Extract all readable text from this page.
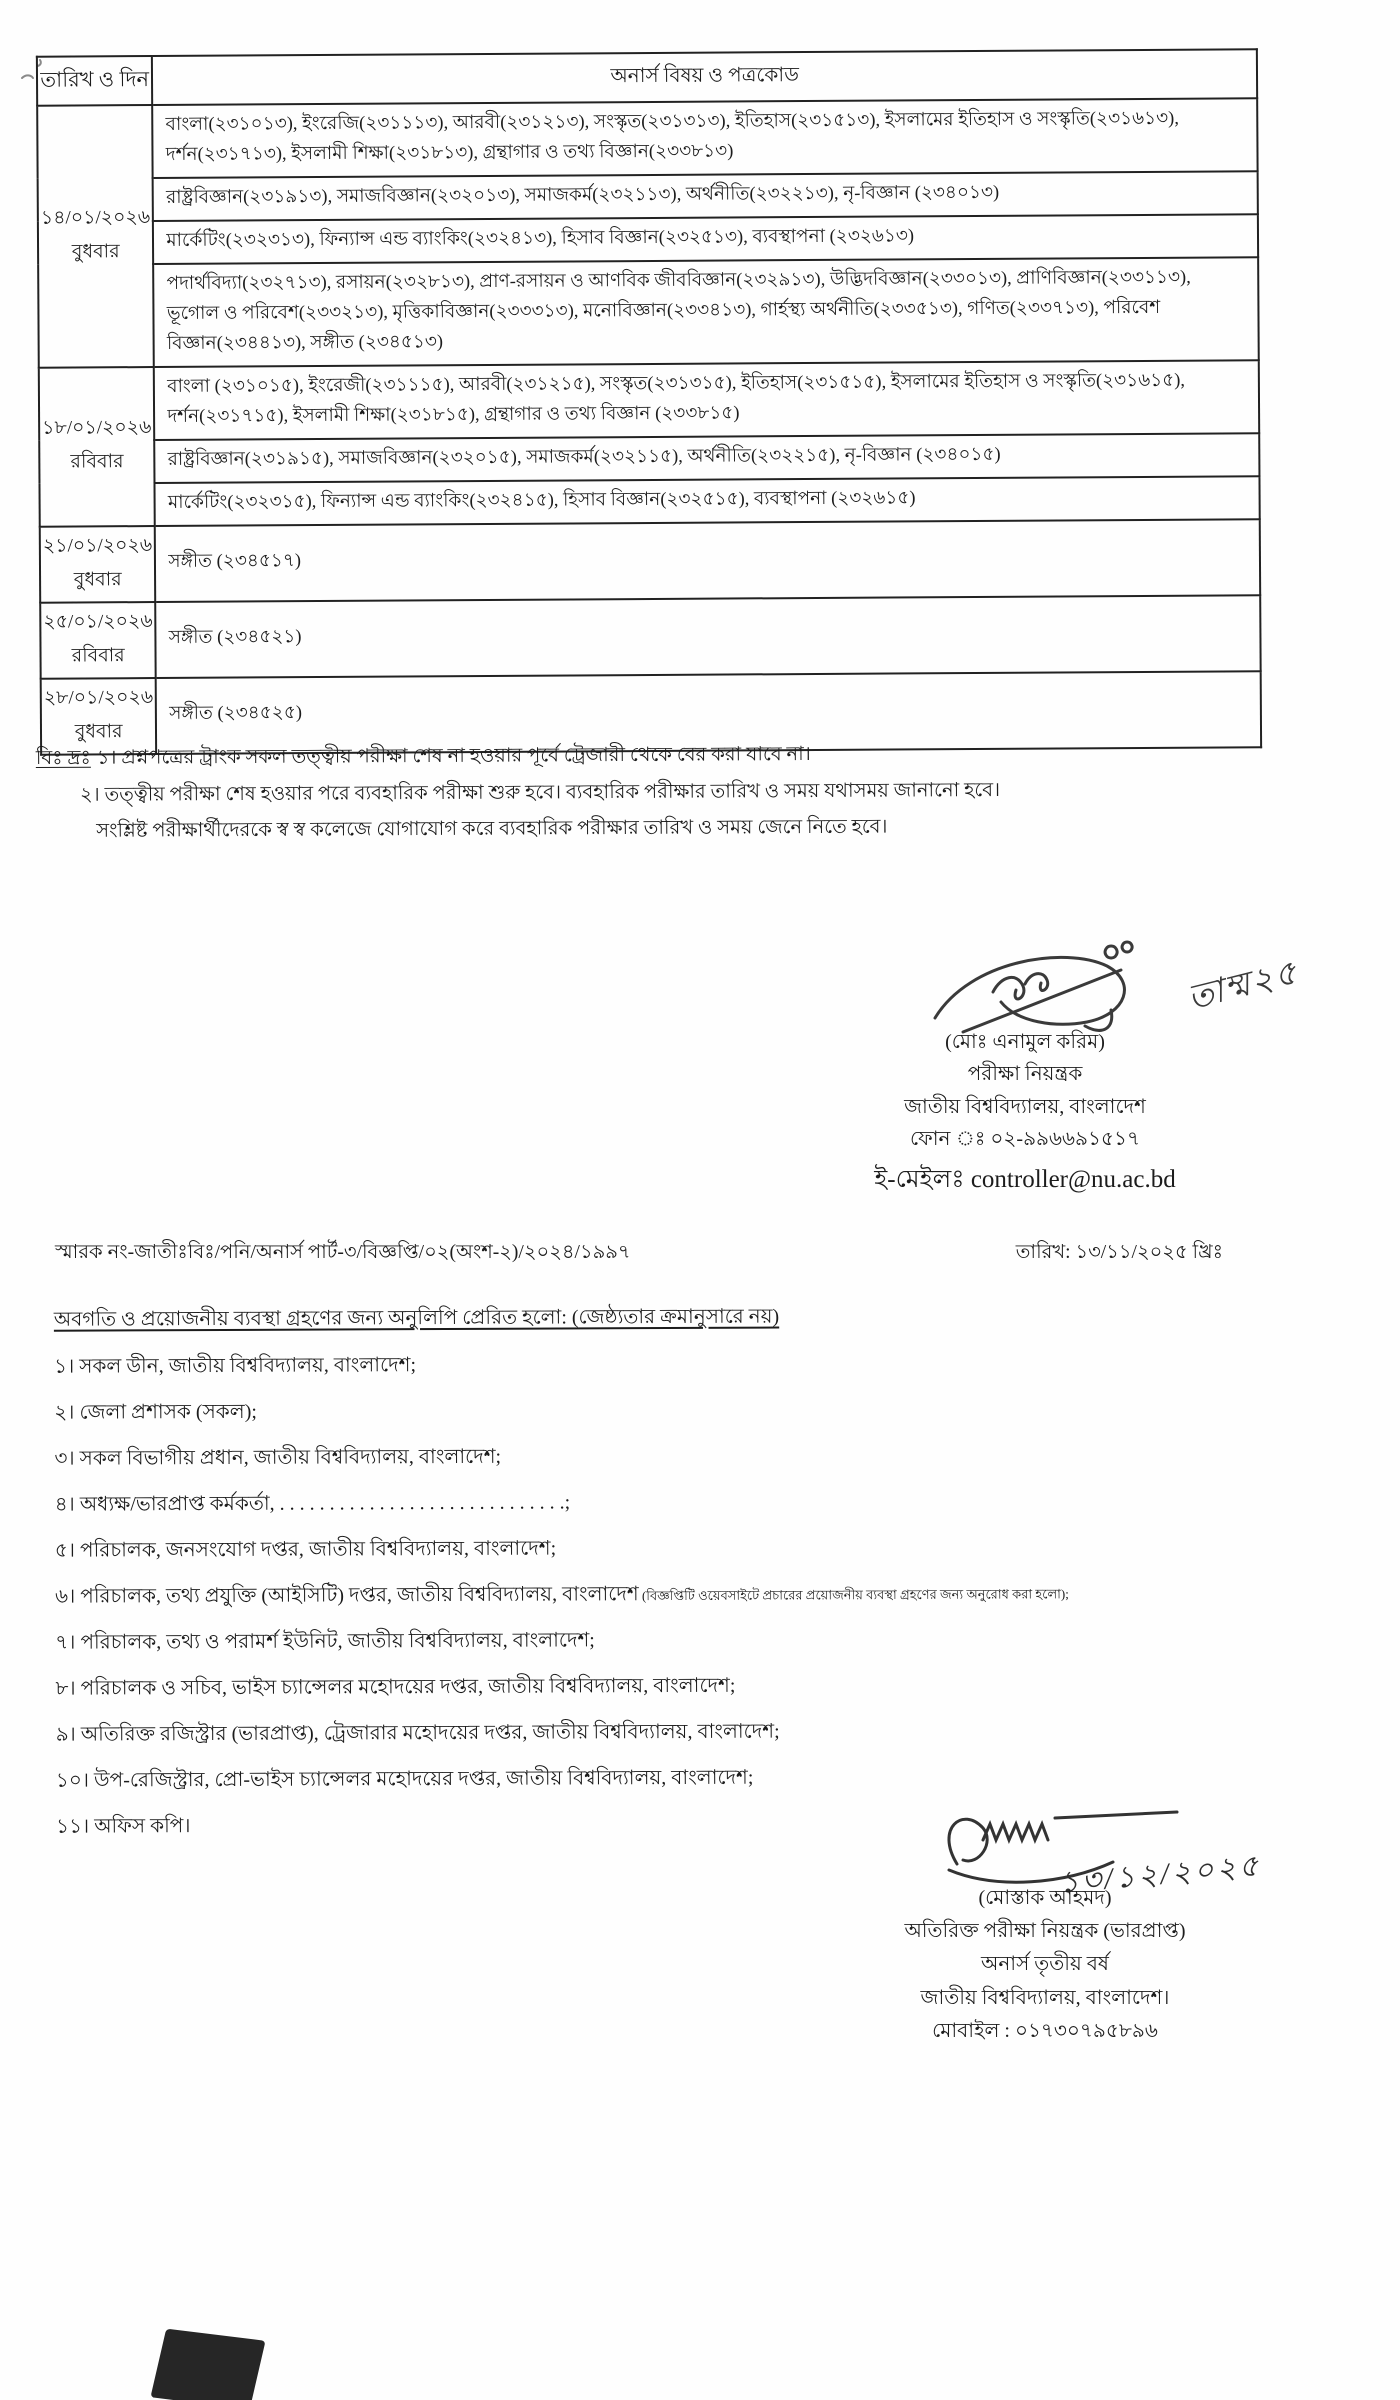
তারিখ ও দিন	অনার্স বিষয় ও পত্রকোড

১৪/০১/২০২৬
বুধবার	বাংলা(২৩১০১৩), ইংরেজি(২৩১১১৩), আরবী(২৩১২১৩), সংস্কৃত(২৩১৩১৩), ইতিহাস(২৩১৫১৩), ইসলামের ইতিহাস ও সংস্কৃতি(২৩১৬১৩), দর্শন(২৩১৭১৩), ইসলামী শিক্ষা(২৩১৮১৩), গ্রন্থাগার ও তথ্য বিজ্ঞান(২৩৩৮১৩)
	রাষ্ট্রবিজ্ঞান(২৩১৯১৩), সমাজবিজ্ঞান(২৩২০১৩), সমাজকর্ম(২৩২১১৩), অর্থনীতি(২৩২২১৩), নৃ-বিজ্ঞান (২৩৪০১৩)
	মার্কেটিং(২৩২৩১৩), ফিন্যান্স এন্ড ব্যাংকিং(২৩২৪১৩), হিসাব বিজ্ঞান(২৩২৫১৩), ব্যবস্থাপনা (২৩২৬১৩)
	পদার্থবিদ্যা(২৩২৭১৩), রসায়ন(২৩২৮১৩), প্রাণ-রসায়ন ও আণবিক জীববিজ্ঞান(২৩২৯১৩), উদ্ভিদবিজ্ঞান(২৩৩০১৩), প্রাণিবিজ্ঞান(২৩৩১১৩), ভূগোল ও পরিবেশ(২৩৩২১৩), মৃত্তিকাবিজ্ঞান(২৩৩৩১৩), মনোবিজ্ঞান(২৩৩৪১৩), গার্হস্থ্য অর্থনীতি(২৩৩৫১৩), গণিত(২৩৩৭১৩), পরিবেশ বিজ্ঞান(২৩৪৪১৩), সঙ্গীত (২৩৪৫১৩)

১৮/০১/২০২৬
রবিবার	বাংলা (২৩১০১৫), ইংরেজী(২৩১১১৫), আরবী(২৩১২১৫), সংস্কৃত(২৩১৩১৫), ইতিহাস(২৩১৫১৫), ইসলামের ইতিহাস ও সংস্কৃতি(২৩১৬১৫), দর্শন(২৩১৭১৫), ইসলামী শিক্ষা(২৩১৮১৫), গ্রন্থাগার ও তথ্য বিজ্ঞান (২৩৩৮১৫)
	রাষ্ট্রবিজ্ঞান(২৩১৯১৫), সমাজবিজ্ঞান(২৩২০১৫), সমাজকর্ম(২৩২১১৫), অর্থনীতি(২৩২২১৫), নৃ-বিজ্ঞান (২৩৪০১৫)
	মার্কেটিং(২৩২৩১৫), ফিন্যান্স এন্ড ব্যাংকিং(২৩২৪১৫), হিসাব বিজ্ঞান(২৩২৫১৫), ব্যবস্থাপনা (২৩২৬১৫)

২১/০১/২০২৬
বুধবার	সঙ্গীত (২৩৪৫১৭)

২৫/০১/২০২৬
রবিবার	সঙ্গীত (২৩৪৫২১)

২৮/০১/২০২৬
বুধবার	সঙ্গীত (২৩৪৫২৫)
বিঃ দ্রঃ ১। প্রশ্নপত্রের ট্রাংক সকল তত্ত্বীয় পরীক্ষা শেষ না হওয়ার পূর্বে ট্রেজারী থেকে বের করা যাবে না।
২। তত্ত্বীয় পরীক্ষা শেষ হওয়ার পরে ব্যবহারিক পরীক্ষা শুরু হবে। ব্যবহারিক পরীক্ষার তারিখ ও সময় যথাসময় জানানো হবে।
সংশ্লিষ্ট পরীক্ষার্থীদেরকে স্ব স্ব কলেজে যোগাযোগ করে ব্যবহারিক পরীক্ষার তারিখ ও সময় জেনে নিতে হবে।
তাম্ম২৫
(মোঃ এনামুল করিম)
পরীক্ষা নিয়ন্ত্রক
জাতীয় বিশ্ববিদ্যালয়, বাংলাদেশ
ফোন ঃ ০২-৯৯৬৬৯১৫১৭
ই-মেইলঃ controller@nu.ac.bd
স্মারক নং-জাতীঃবিঃ/পনি/অনার্স পার্ট-৩/বিজ্ঞপ্তি/০২(অংশ-২)/২০২৪/১৯৯৭	তারিখ: ১৩/১১/২০২৫ খ্রিঃ
অবগতি ও প্রয়োজনীয় ব্যবস্থা গ্রহণের জন্য অনুলিপি প্রেরিত হলো: (জেষ্ঠ্যতার ক্রমানুসারে নয়)
১। সকল ডীন, জাতীয় বিশ্ববিদ্যালয়, বাংলাদেশ;
২। জেলা প্রশাসক (সকল);
৩। সকল বিভাগীয় প্রধান, জাতীয় বিশ্ববিদ্যালয়, বাংলাদেশ;
৪। অধ্যক্ষ/ভারপ্রাপ্ত কর্মকর্তা, . . . . . . . . . . . . . . . . . . . . . . . . . . . . .;
৫। পরিচালক, জনসংযোগ দপ্তর, জাতীয় বিশ্ববিদ্যালয়, বাংলাদেশ;
৬। পরিচালক, তথ্য প্রযুক্তি (আইসিটি) দপ্তর, জাতীয় বিশ্ববিদ্যালয়, বাংলাদেশ (বিজ্ঞপ্তিটি ওয়েবসাইটে প্রচারের প্রয়োজনীয় ব্যবস্থা গ্রহণের জন্য অনুরোধ করা হলো);
৭। পরিচালক, তথ্য ও পরামর্শ ইউনিট, জাতীয় বিশ্ববিদ্যালয়, বাংলাদেশ;
৮। পরিচালক ও সচিব, ভাইস চ্যান্সেলর মহোদয়ের দপ্তর, জাতীয় বিশ্ববিদ্যালয়, বাংলাদেশ;
৯। অতিরিক্ত রজিস্ট্রার (ভারপ্রাপ্ত), ট্রেজারার মহোদয়ের দপ্তর, জাতীয় বিশ্ববিদ্যালয়, বাংলাদেশ;
১০। উপ-রেজিস্ট্রার, প্রো-ভাইস চ্যান্সেলর মহোদয়ের দপ্তর, জাতীয় বিশ্ববিদ্যালয়, বাংলাদেশ;
১১। অফিস কপি।
১৩/১২/২০২৫
(মোস্তাক আহমদ)
অতিরিক্ত পরীক্ষা নিয়ন্ত্রক (ভারপ্রাপ্ত)
অনার্স তৃতীয় বর্ষ
জাতীয় বিশ্ববিদ্যালয়, বাংলাদেশ।
মোবাইল : ০১৭৩০৭৯৫৮৯৬
